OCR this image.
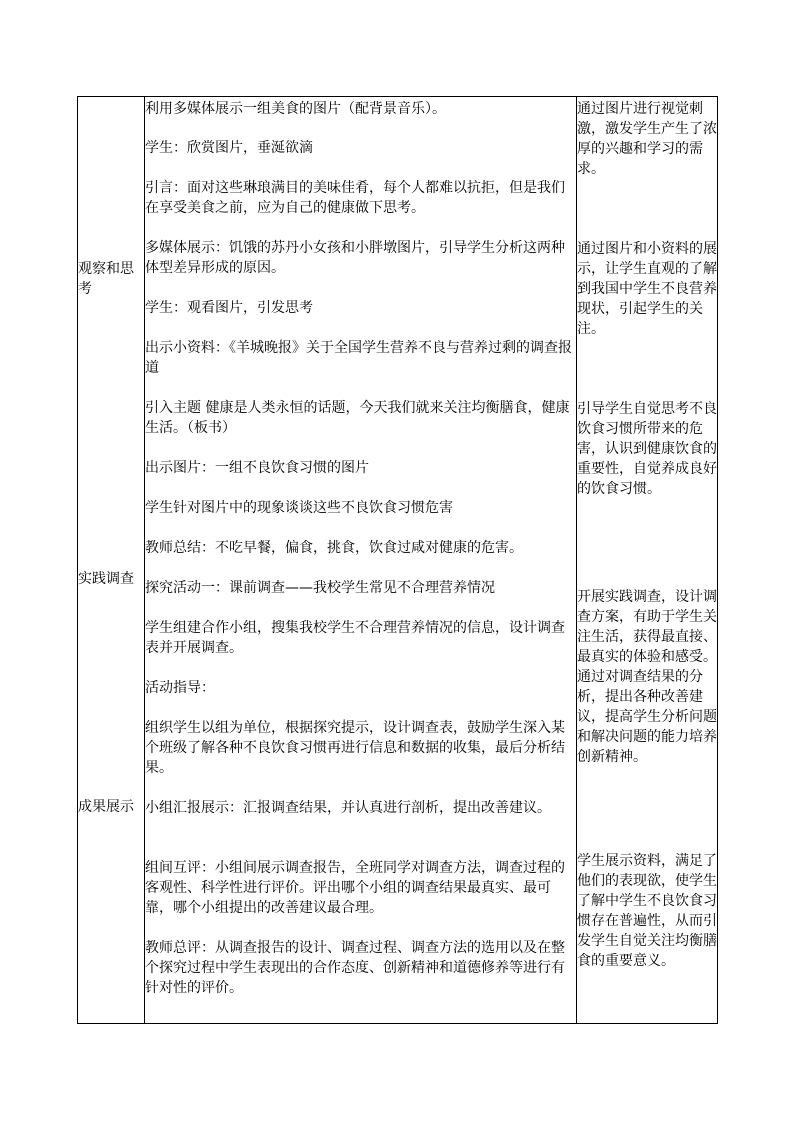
观察和思考
实践调查
成果展示

利用多媒体展示一组美食的图片（配背景音乐）。

学生：欣赏图片，垂涎欲滴

引言：面对这些琳琅满目的美味佳肴，每个人都难以抗拒，但是我们在享受美食之前，应为自己的健康做下思考。

多媒体展示：饥饿的苏丹小女孩和小胖墩图片，引导学生分析这两种体型差异形成的原因。

学生：观看图片，引发思考

出示小资料：《羊城晚报》关于全国学生营养不良与营养过剩的调查报道

引入主题 健康是人类永恒的话题，今天我们就来关注均衡膳食，健康生活。（板书）

出示图片：一组不良饮食习惯的图片

学生针对图片中的现象谈谈这些不良饮食习惯危害

教师总结：不吃早餐，偏食，挑食，饮食过咸对健康的危害。

探究活动一：课前调查——我校学生常见不合理营养情况

学生组建合作小组，搜集我校学生不合理营养情况的信息，设计调查表并开展调查。

活动指导：

组织学生以组为单位，根据探究提示，设计调查表，鼓励学生深入某个班级了解各种不良饮食习惯再进行信息和数据的收集，最后分析结果。

小组汇报展示：汇报调查结果，并认真进行剖析，提出改善建议。

组间互评：小组间展示调查报告，全班同学对调查方法，调查过程的客观性、科学性进行评价。评出哪个小组的调查结果最真实、最可靠，哪个小组提出的改善建议最合理。

教师总评：从调查报告的设计、调查过程、调查方法的选用以及在整个探究过程中学生表现出的合作态度、创新精神和道德修养等进行有针对性的评价。

通过图片进行视觉刺激，激发学生产生了浓厚的兴趣和学习的需求。
通过图片和小资料的展示，让学生直观的了解到我国中学生不良营养现状，引起学生的关注。
引导学生自觉思考不良饮食习惯所带来的危害，认识到健康饮食的重要性，自觉养成良好的饮食习惯。
开展实践调查，设计调查方案，有助于学生关注生活，获得最直接、最真实的体验和感受。通过对调查结果的分析，提出各种改善建议，提高学生分析问题和解决问题的能力培养创新精神。
学生展示资料，满足了他们的表现欲，使学生了解中学生不良饮食习惯存在普遍性，从而引发学生自觉关注均衡膳食的重要意义。
